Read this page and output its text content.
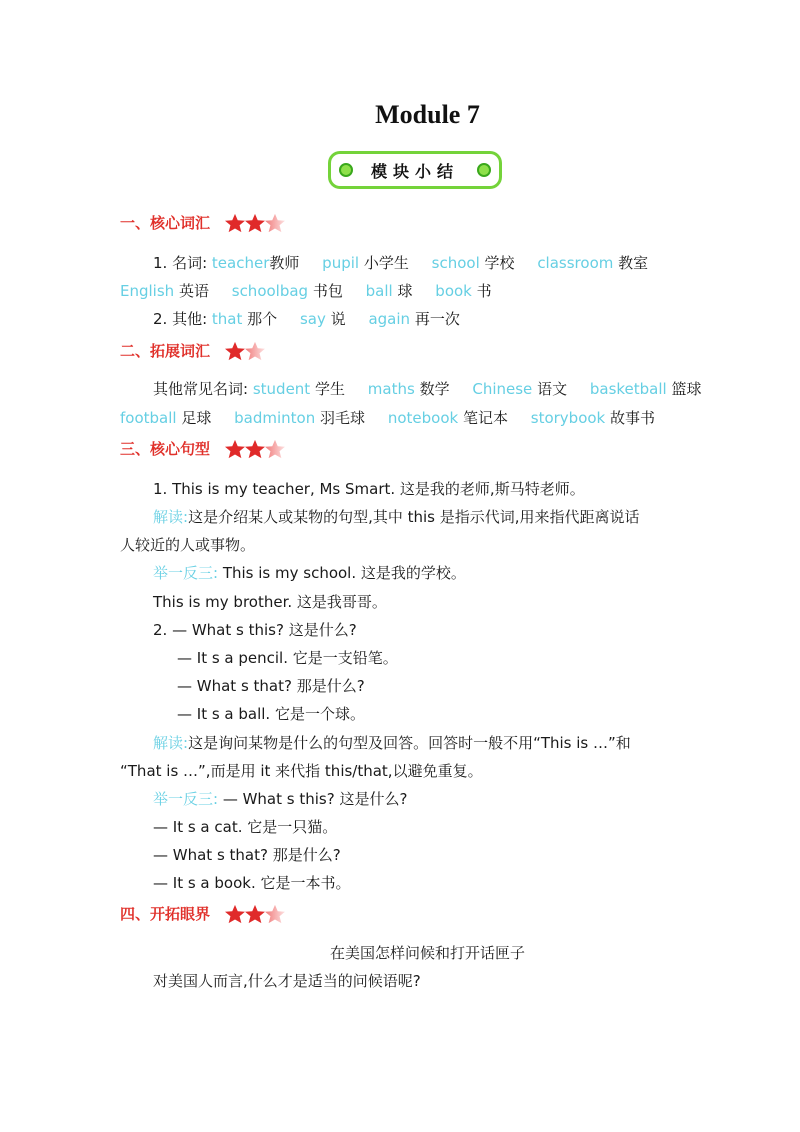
Module 7
模块小结
一、核心词汇
1. 名词: teacher教师 pupil 小学生 school 学校 classroom 教室
English 英语 schoolbag 书包 ball 球 book 书
2. 其他: that 那个 say 说 again 再一次
二、拓展词汇
其他常见名词: student 学生 maths 数学 Chinese 语文 basketball 篮球
football 足球 badminton 羽毛球 notebook 笔记本 storybook 故事书
三、核心句型
1. This is my teacher, Ms Smart. 这是我的老师,斯马特老师。
解读:这是介绍某人或某物的句型,其中 this 是指示代词,用来指代距离说话
人较近的人或事物。
举一反三: This is my school. 这是我的学校。
This is my brother. 这是我哥哥。
2. — What s this? 这是什么?
— It s a pencil. 它是一支铅笔。
— What s that? 那是什么?
— It s a ball. 它是一个球。
解读:这是询问某物是什么的句型及回答。回答时一般不用“This is …”和
“That is …”,而是用 it 来代指 this/that,以避免重复。
举一反三: — What s this? 这是什么?
— It s a cat. 它是一只猫。
— What s that? 那是什么?
— It s a book. 它是一本书。
四、开拓眼界
在美国怎样问候和打开话匣子
对美国人而言,什么才是适当的问候语呢?
